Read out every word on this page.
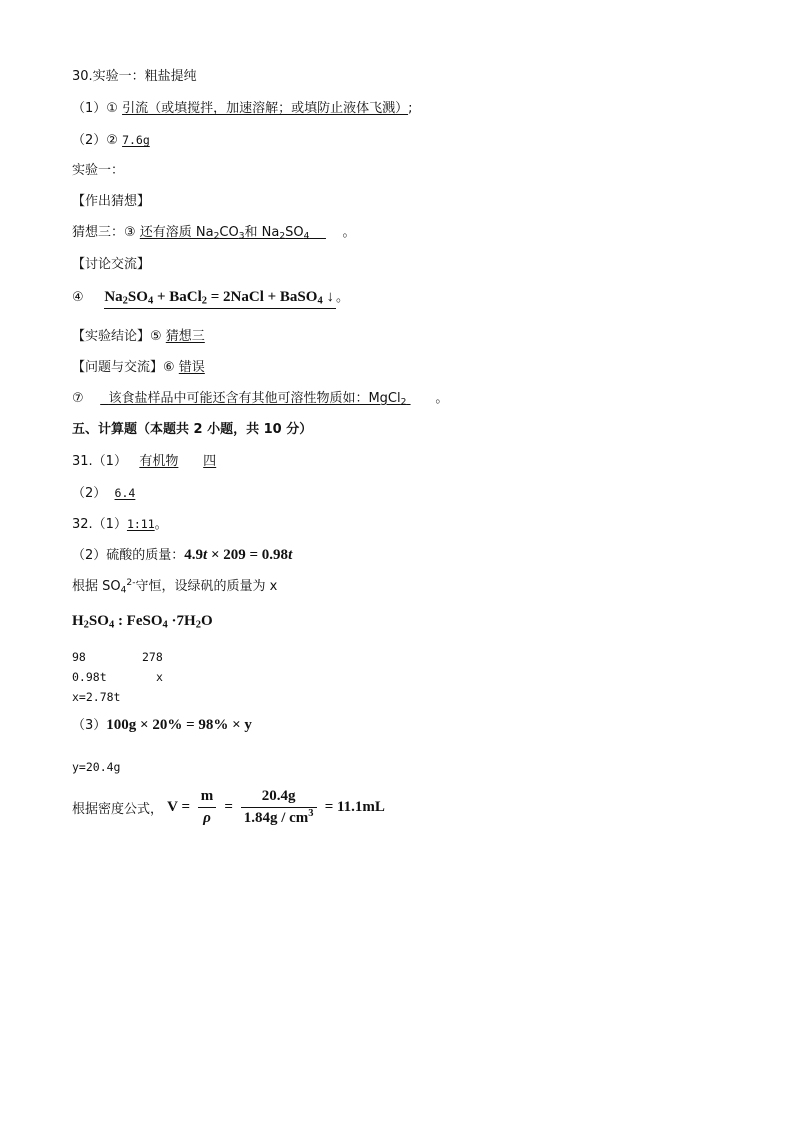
30.实验一：粗盐提纯
（1）① 引流（或填搅拌，加速溶解；或填防止液体飞溅）;
（2）② 7.6g
实验一：
【作出猜想】
猜想三：③ 还有溶质 $Na_2CO_3$和 $Na_2SO_4$	。
【讨论交流】
④ $Na_2SO_4$ + BaCl$_2$ = 2NaCl + BaSO$_4$ ↓ 。
【实验结论】⑤ 猜想三
【问题与交流】⑥ 错误
⑦ 该食盐样品中可能还含有其他可溶性物质如：MgCl$_2$ 。
五、计算题（本题共 2 小题，共 10 分）
31.（1） 有机物 四
（2） 6.4
32.（1）1:11。
（2）硫酸的质量：4.9t × 209 = 0.98t
根据 $SO_4^{2-}$守恒，设绿矾的质量为 x
$H_2SO_4$ : FeSO$_4$ $\cdot 7H_2O$
98	278
0.98t	x
x=2.78t
（3）100g × 20% = 98% × y
y=20.4g
根据密度公式， $V = \frac{m}{\rho} = \frac{20.4g}{1.84g / cm^3} = 11.1mL$
